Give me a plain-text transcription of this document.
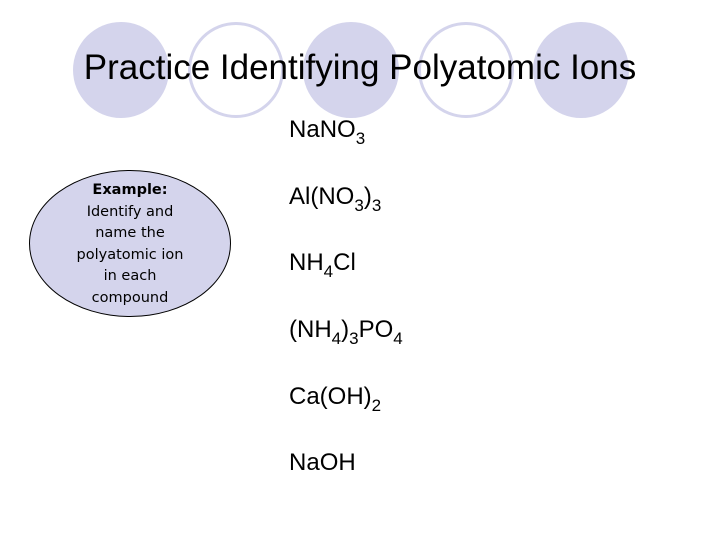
Practice Identifying Polyatomic Ions
Example:
Identify and
name the
polyatomic ion
in each
compound
NaNO$_3$
$Al(NO_3)_3$
$NH_4Cl$
$(NH_4)_3PO_4$
$Ca(OH)_2$
NaOH
